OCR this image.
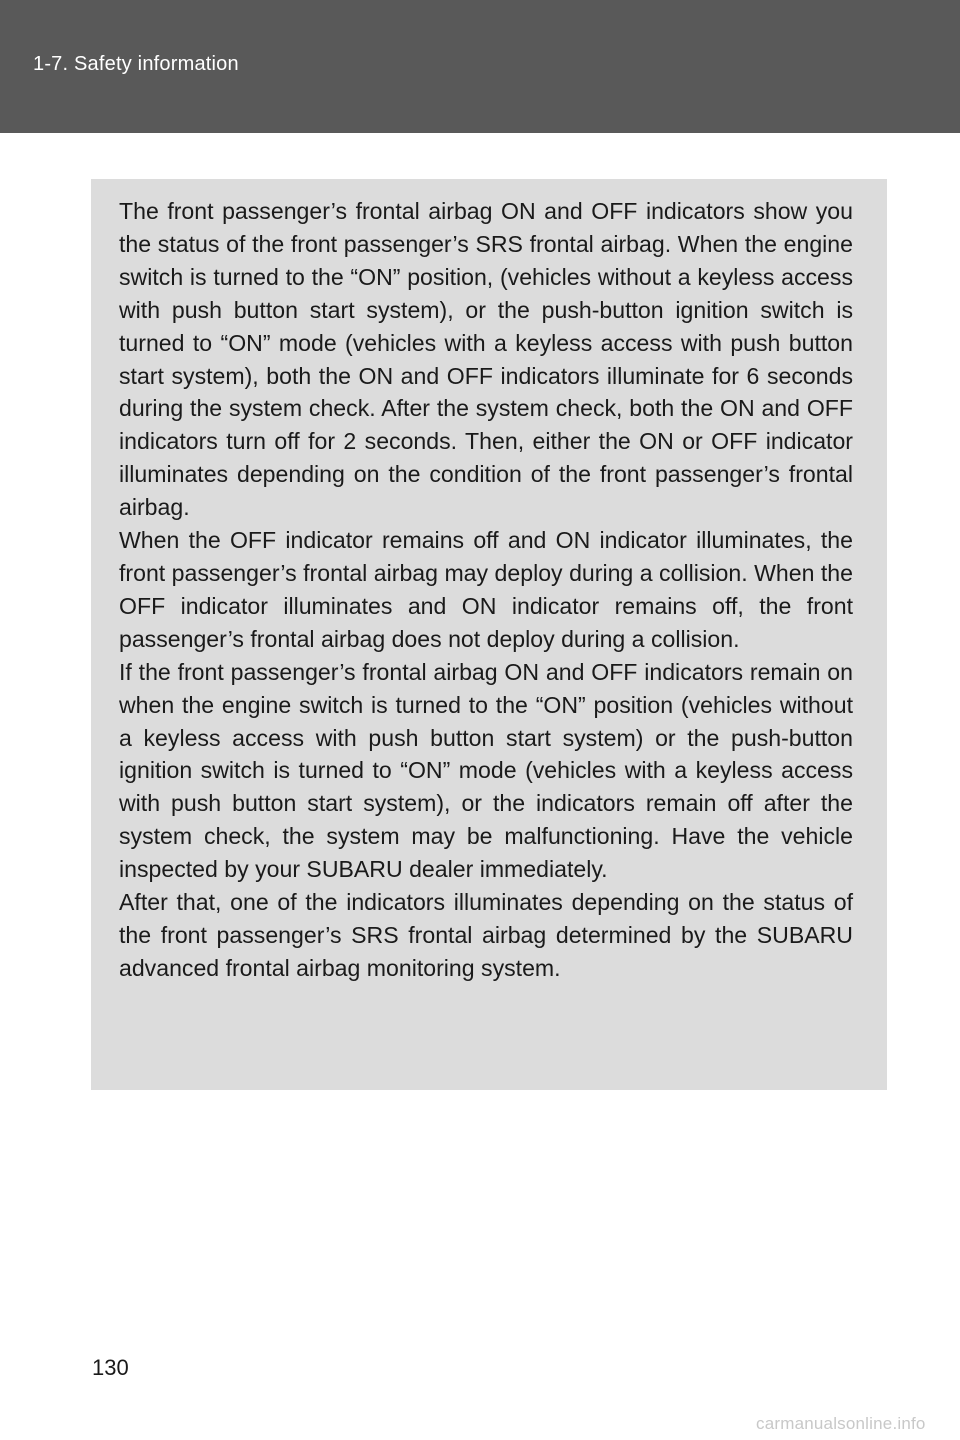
1-7. Safety information

The front passenger’s frontal airbag ON and OFF indicators show you the status of the front passenger’s SRS frontal airbag. When the engine switch is turned to the “ON” position, (vehicles without a keyless access with push button start system), or the push-button ignition switch is turned to “ON” mode (vehicles with a keyless access with push button start system), both the ON and OFF indicators illuminate for 6 seconds during the system check. After the system check, both the ON and OFF indicators turn off for 2 seconds. Then, either the ON or OFF indicator illuminates depending on the condition of the front passenger’s frontal airbag.

When the OFF indicator remains off and ON indicator illuminates, the front passenger’s frontal airbag may deploy during a collision. When the OFF indicator illuminates and ON indicator remains off, the front passenger’s frontal airbag does not deploy during a collision.

If the front passenger’s frontal airbag ON and OFF indicators remain on when the engine switch is turned to the “ON” position (vehicles without a keyless access with push button start system) or the push-button ignition switch is turned to “ON” mode (vehicles with a keyless access with push button start system), or the indicators remain off after the system check, the system may be malfunctioning. Have the vehicle inspected by your SUBARU dealer immediately.

After that, one of the indicators illuminates depending on the status of the front passenger’s SRS frontal airbag determined by the SUBARU advanced frontal airbag monitoring system.

130
carmanualsonline.info
